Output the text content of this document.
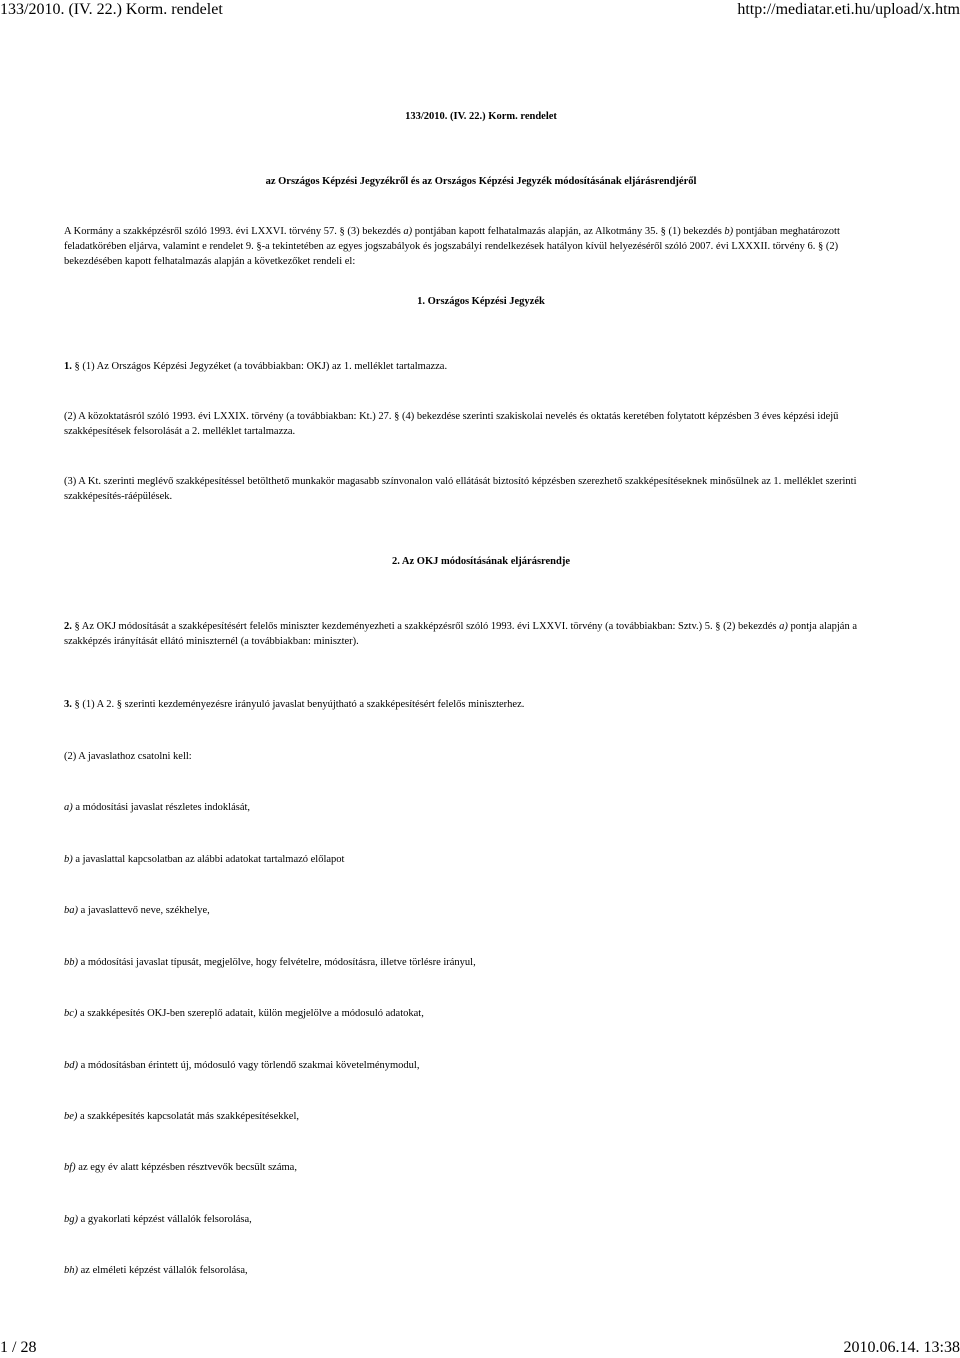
133/2010. (IV. 22.) Korm. rendelet	http://mediatar.eti.hu/upload/x.htm
133/2010. (IV. 22.) Korm. rendelet
az Országos Képzési Jegyzékről és az Országos Képzési Jegyzék módosításának eljárásrendjéről

A Kormány a szakképzésről szóló 1993. évi LXXVI. törvény 57. § (3) bekezdés a) pontjában kapott felhatalmazás alapján, az Alkotmány 35. § (1) bekezdés b) pontjában meghatározott feladatkörében eljárva, valamint e rendelet 9. §-a tekintetében az egyes jogszabályok és jogszabályi rendelkezések hatályon kívül helyezéséről szóló 2007. évi LXXXII. törvény 6. § (2) bekezdésében kapott felhatalmazás alapján a következőket rendeli el:

1. Országos Képzési Jegyzék

1. § (1) Az Országos Képzési Jegyzéket (a továbbiakban: OKJ) az 1. melléklet tartalmazza.

(2) A közoktatásról szóló 1993. évi LXXIX. törvény (a továbbiakban: Kt.) 27. § (4) bekezdése szerinti szakiskolai nevelés és oktatás keretében folytatott képzésben 3 éves képzési idejű szakképesítések felsorolását a 2. melléklet tartalmazza.

(3) A Kt. szerinti meglévő szakképesítéssel betölthető munkakör magasabb színvonalon való ellátását biztosító képzésben szerezhető szakképesítéseknek minősülnek az 1. melléklet szerinti szakképesítés-ráépülések.

2. Az OKJ módosításának eljárásrendje

2. § Az OKJ módosítását a szakképesítésért felelős miniszter kezdeményezheti a szakképzésről szóló 1993. évi LXXVI. törvény (a továbbiakban: Sztv.) 5. § (2) bekezdés a) pontja alapján a szakképzés irányítását ellátó miniszternél (a továbbiakban: miniszter).

3. § (1) A 2. § szerinti kezdeményezésre irányuló javaslat benyújtható a szakképesítésért felelős miniszterhez.

(2) A javaslathoz csatolni kell:

a) a módosítási javaslat részletes indoklását,

b) a javaslattal kapcsolatban az alábbi adatokat tartalmazó előlapot

ba) a javaslattevő neve, székhelye,

bb) a módosítási javaslat típusát, megjelölve, hogy felvételre, módosításra, illetve törlésre irányul,

bc) a szakképesítés OKJ-ben szereplő adatait, külön megjelölve a módosuló adatokat,

bd) a módosításban érintett új, módosuló vagy törlendő szakmai követelménymodul,

be) a szakképesítés kapcsolatát más szakképesítésekkel,

bf) az egy év alatt képzésben résztvevők becsült száma,

bg) a gyakorlati képzést vállalók felsorolása,

bh) az elméleti képzést vállalók felsorolása,

1 / 28	2010.06.14. 13:38
